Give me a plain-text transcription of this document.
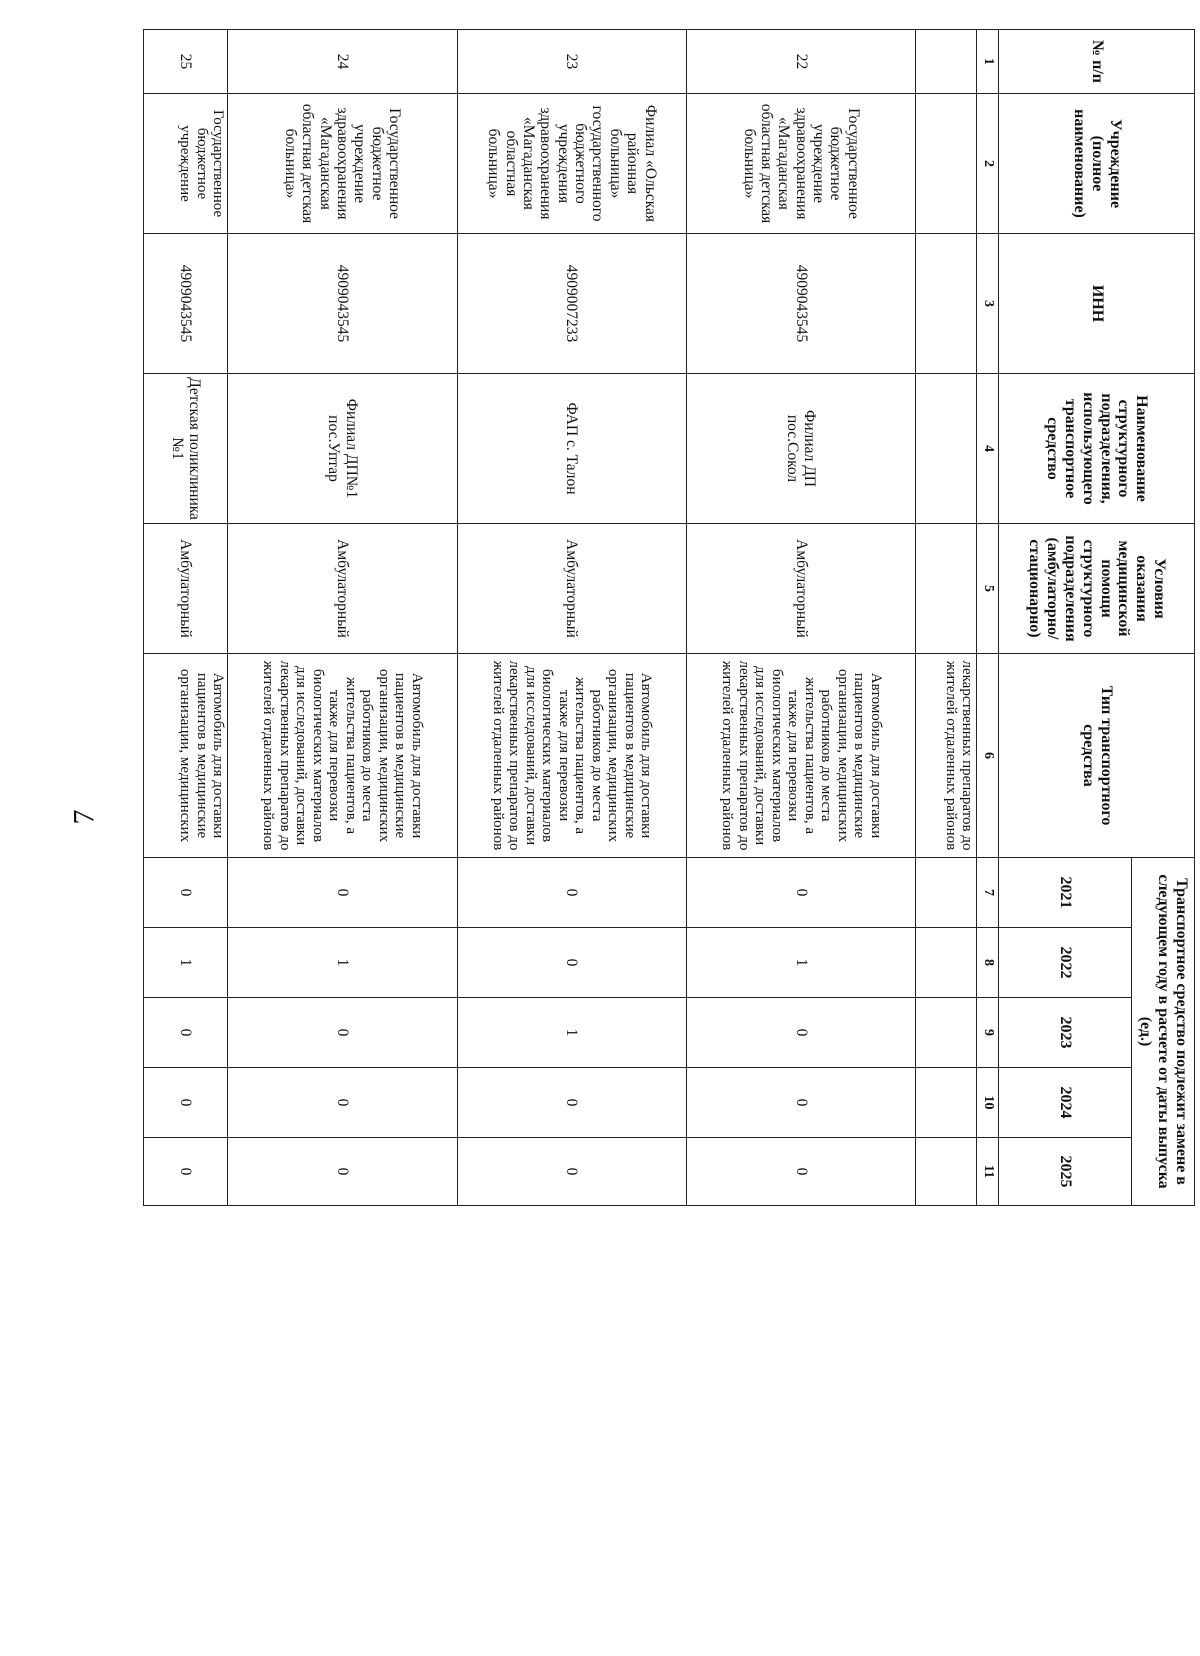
7
№ п/п	Учреждение (полное наименование)	ИНН	Наименование структурного подразделения, использующего транспортное средство	Условия оказания медицинской помощи структурного подразделения (амбулаторно/ стационарно)	Тип транспортного средства	Транспортное средство подлежит замене в следующем году в расчете от даты выпуска (ед.)				
						2021	2022	2023	2024	2025
1	2	3	4	5	6	7	8	9	10	11
					лекарственных препаратов до жителей отдаленных районов					
22	Государственное бюджетное учреждение здравоохранения «Магаданская областная детская больница»	4909043545	Филиал ДП пос.Сокол	Амбулаторный	Автомобиль для доставки пациентов в медицинские организации, медицинских работников до места жительства пациентов, а также для перевозки биологических материалов для исследований, доставки лекарственных препаратов до жителей отдаленных районов	0	1	0	0	0
23	Филиал «Ольская районная больница» государственного бюджетного учреждения здравоохранения «Магаданская областная больница»	4909007233	ФАП с. Талон	Амбулаторный	Автомобиль для доставки пациентов в медицинские организации, медицинских работников до места жительства пациентов, а также для перевозки биологических материалов для исследований, доставки лекарственных препаратов до жителей отдаленных районов	0	0	1	0	0
24	Государственное бюджетное учреждение здравоохранения «Магаданская областная детская больница»	4909043545	Филиал ДП№1 пос.Уптар	Амбулаторный	Автомобиль для доставки пациентов в медицинские организации, медицинских работников до места жительства пациентов, а также для перевозки биологических материалов для исследований, доставки лекарственных препаратов до жителей отдаленных районов	0	1	0	0	0
25	Государственное бюджетное учреждение	4909043545	Детская поликлиника №1	Амбулаторный	Автомобиль для доставки пациентов в медицинские организации, медицинских	0	1	0	0	0
